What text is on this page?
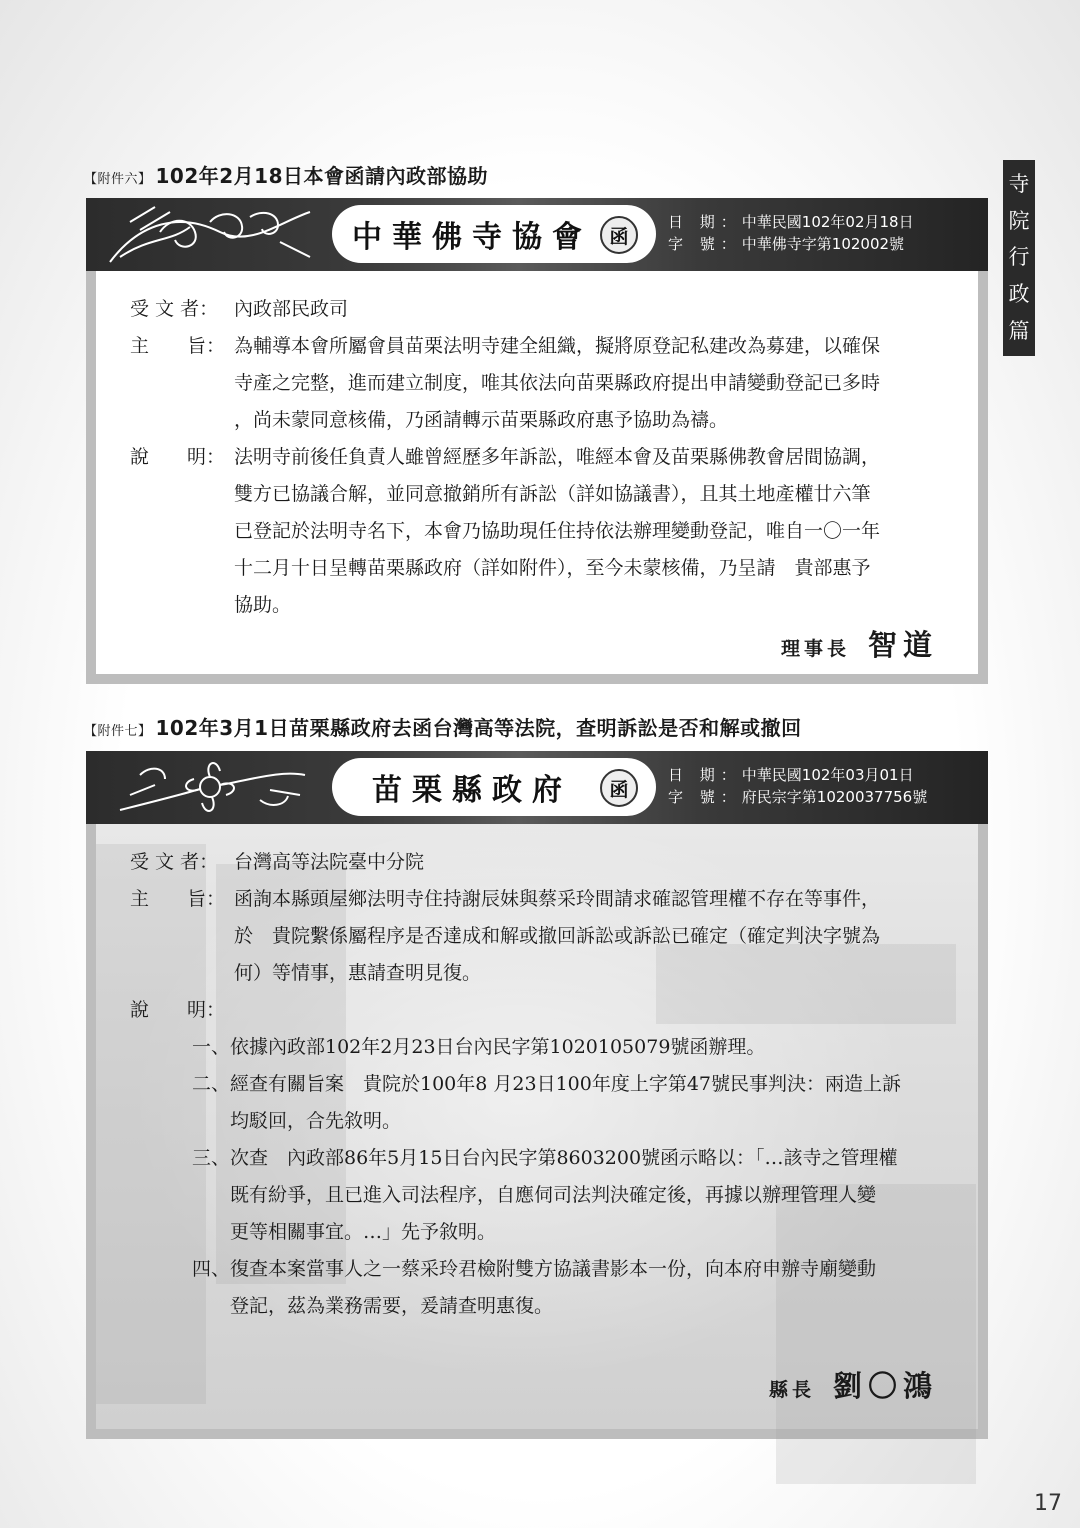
寺
院
行
政
篇
【附件六】 102年2月18日本會函請內政部協助
中華佛寺協會 函
日 期：中華民國102年02月18日
字 號：中華佛寺字第102002號
受 文 者： 內政部民政司
主　　旨： 為輔導本會所屬會員苗栗法明寺建全組織，擬將原登記私建改為募建，以確保
寺產之完整，進而建立制度，唯其依法向苗栗縣政府提出申請變動登記已多時
，尚未蒙同意核備，乃函請轉示苗栗縣政府惠予協助為禱。
說　　明： 法明寺前後任負責人雖曾經歷多年訴訟，唯經本會及苗栗縣佛教會居間協調，
雙方已協議合解，並同意撤銷所有訴訟（詳如協議書），且其土地產權廿六筆
已登記於法明寺名下，本會乃協助現任住持依法辦理變動登記，唯自一〇一年
十二月十日呈轉苗栗縣政府（詳如附件），至今未蒙核備，乃呈請　貴部惠予
協助。
理事長 智道
【附件七】 102年3月1日苗栗縣政府去函台灣高等法院，查明訴訟是否和解或撤回
苗栗縣政府	函
日 期：中華民國102年03月01日
字 號：府民宗字第1020037756號
受 文 者： 台灣高等法院臺中分院
主　　旨： 函詢本縣頭屋鄉法明寺住持謝辰妹與蔡采玲間請求確認管理權不存在等事件，
於　貴院繫係屬程序是否達成和解或撤回訴訟或訴訟已確定（確定判決字號為
何）等情事，惠請查明見復。
說　　明：
一、 依據內政部102年2月23日台內民字第1020105079號函辦理。
二、 經查有關旨案　貴院於100年8 月23日100年度上字第47號民事判決：兩造上訴
均駁回，合先敘明。
三、 次查　內政部86年5月15日台內民字第8603200號函示略以：「…該寺之管理權
既有紛爭，且已進入司法程序，自應伺司法判決確定後，再據以辦理管理人變
更等相關事宜。…」先予敘明。
四、 復查本案當事人之一蔡采玲君檢附雙方協議書影本一份，向本府申辦寺廟變動
登記，茲為業務需要，爰請查明惠復。
縣長 劉〇鴻
17
